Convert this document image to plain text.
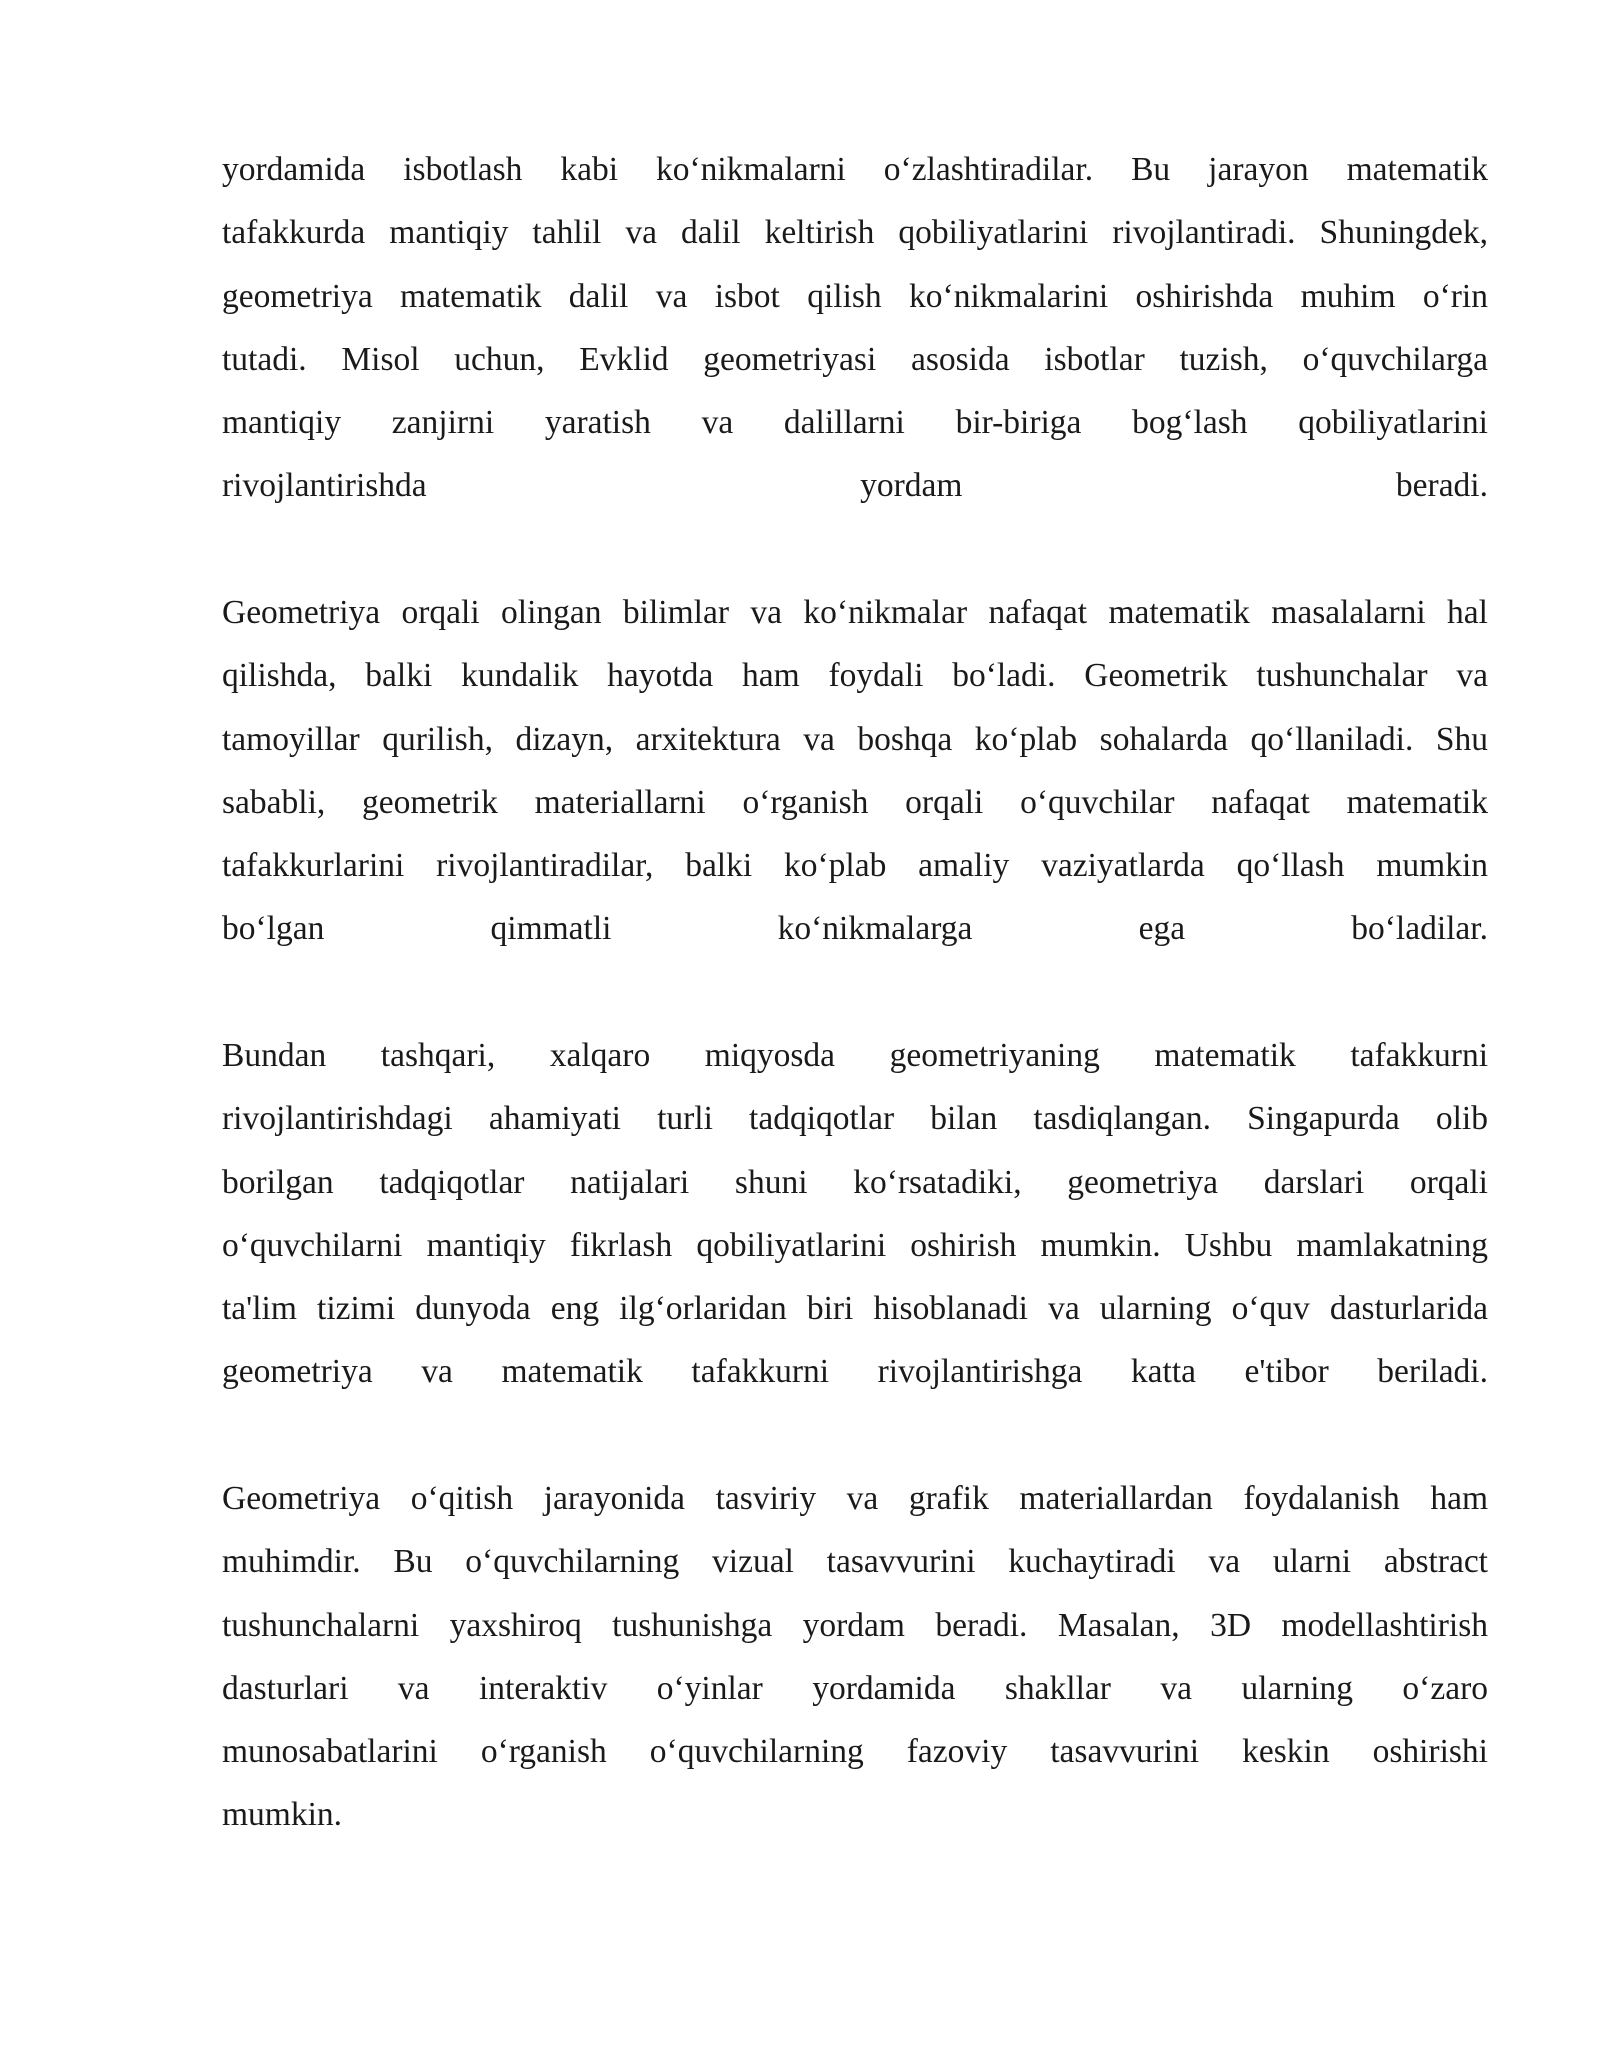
yordamida isbotlash kabi ko‘nikmalarni o‘zlashtiradilar. Bu jarayon matematik
tafakkurda mantiqiy tahlil va dalil keltirish qobiliyatlarini rivojlantiradi. Shuningdek,
geometriya matematik dalil va isbot qilish ko‘nikmalarini oshirishda muhim o‘rin
tutadi. Misol uchun, Evklid geometriyasi asosida isbotlar tuzish, o‘quvchilarga
mantiqiy zanjirni yaratish va dalillarni bir-biriga bog‘lash qobiliyatlarini
rivojlantirishda yordam beradi.
Geometriya orqali olingan bilimlar va ko‘nikmalar nafaqat matematik masalalarni hal
qilishda, balki kundalik hayotda ham foydali bo‘ladi. Geometrik tushunchalar va
tamoyillar qurilish, dizayn, arxitektura va boshqa ko‘plab sohalarda qo‘llaniladi. Shu
sababli, geometrik materiallarni o‘rganish orqali o‘quvchilar nafaqat matematik
tafakkurlarini rivojlantiradilar, balki ko‘plab amaliy vaziyatlarda qo‘llash mumkin
bo‘lgan qimmatli ko‘nikmalarga ega bo‘ladilar.
Bundan tashqari, xalqaro miqyosda geometriyaning matematik tafakkurni
rivojlantirishdagi ahamiyati turli tadqiqotlar bilan tasdiqlangan. Singapurda olib
borilgan tadqiqotlar natijalari shuni ko‘rsatadiki, geometriya darslari orqali
o‘quvchilarni mantiqiy fikrlash qobiliyatlarini oshirish mumkin. Ushbu mamlakatning
ta'lim tizimi dunyoda eng ilg‘orlaridan biri hisoblanadi va ularning o‘quv dasturlarida
geometriya va matematik tafakkurni rivojlantirishga katta e'tibor beriladi.
Geometriya o‘qitish jarayonida tasviriy va grafik materiallardan foydalanish ham
muhimdir. Bu o‘quvchilarning vizual tasavvurini kuchaytiradi va ularni abstract
tushunchalarni yaxshiroq tushunishga yordam beradi. Masalan, 3D modellashtirish
dasturlari va interaktiv o‘yinlar yordamida shakllar va ularning o‘zaro
munosabatlarini o‘rganish o‘quvchilarning fazoviy tasavvurini keskin oshirishi
mumkin.
